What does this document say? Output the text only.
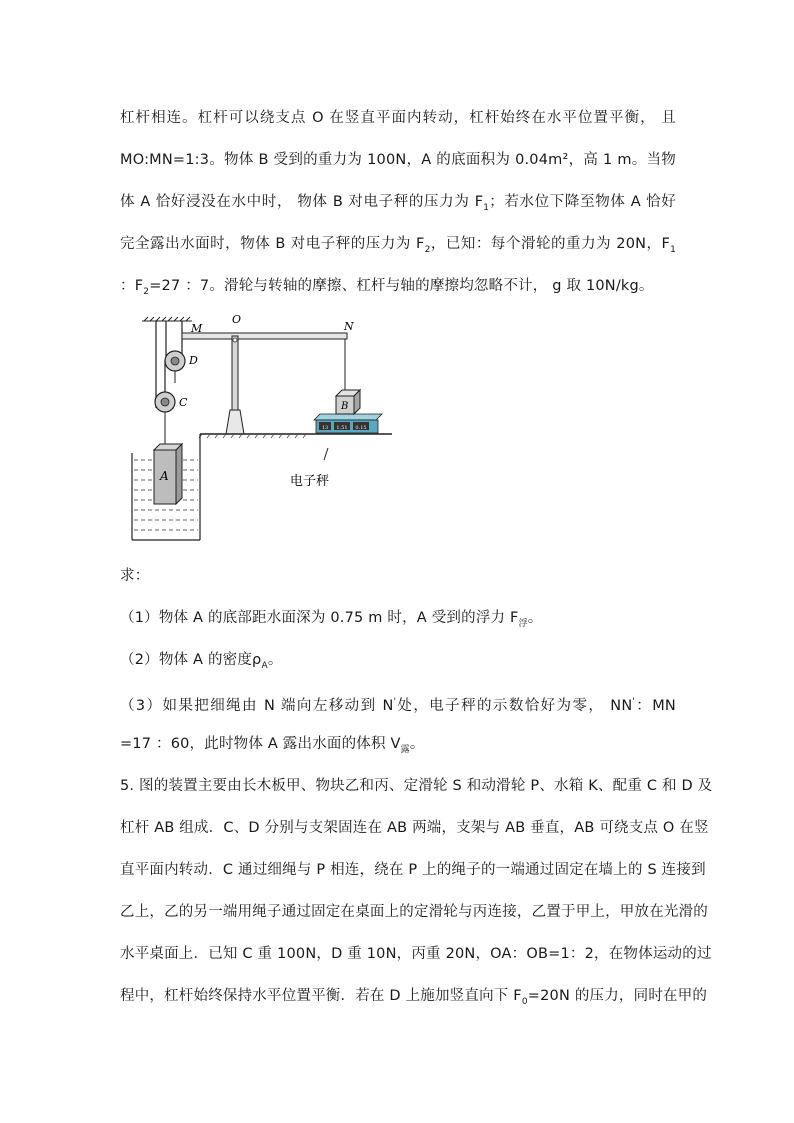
杠杆相连。杠杆可以绕支点 O 在竖直平面内转动，杠杆始终在水平位置平衡， 且
MO:MN=1:3。物体 B 受到的重力为 100N，A 的底面积为 0.04m²，高 1 m。当物
体 A 恰好浸没在水中时， 物体 B 对电子秤的压力为 $F_1$；若水位下降至物体 A 恰好
完全露出水面时，物体 B 对电子秤的压力为 $F_2$，已知：每个滑轮的重力为 20N，$F_1$
：$F_2=27$ ：7。滑轮与转轴的摩擦、杠杆与轴的摩擦均忽略不计， g 取 10N/kg。
13 1.51 0.15
M
O
N
D
C
A
B
电子秤
求：
（1）物体 A 的底部距水面深为 0.75 m 时，A 受到的浮力 $F_浮$。
（2）物体 A 的密度$\rho_A$。
（3）如果把细绳由 N 端向左移动到 N'处，电子秤的示数恰好为零， NN'：MN
=17 ：60，此时物体 A 露出水面的体积 $V_露$。
5. 图的装置主要由长木板甲、物块乙和丙、定滑轮 S 和动滑轮 P、水箱 K、配重 C 和 D 及
杠杆 AB 组成．C、D 分别与支架固连在 AB 两端，支架与 AB 垂直，AB 可绕支点 O 在竖
直平面内转动．C 通过细绳与 P 相连，绕在 P 上的绳子的一端通过固定在墙上的 S 连接到
乙上，乙的另一端用绳子通过固定在桌面上的定滑轮与丙连接，乙置于甲上，甲放在光滑的
水平桌面上．已知 C 重 100N，D 重 10N，丙重 20N，OA：OB=1：2，在物体运动的过
程中，杠杆始终保持水平位置平衡．若在 D 上施加竖直向下 $F_0=20N$ 的压力，同时在甲的
